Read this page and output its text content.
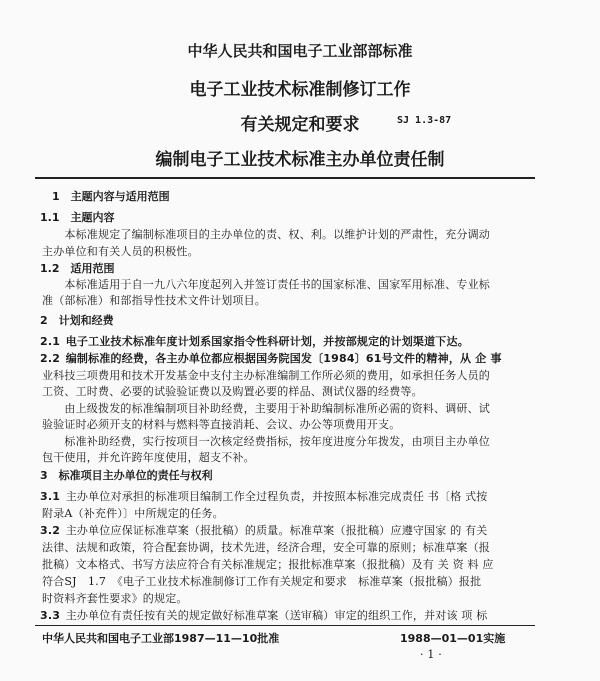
中华人民共和国电子工业部部标准
电子工业技术标准制修订工作
有关规定和要求	SJ 1.3-87
编制电子工业技术标准主办单位责任制
1　主题内容与适用范围
1.1　主题内容
　　本标准规定了编制标准项目的主办单位的责、权、利。以维护计划的严肃性，充分调动
主办单位和有关人员的积极性。
1.2　适用范围
　　本标准适用于自一九八六年度起列入并签订责任书的国家标准、国家军用标准、专业标
准（部标准）和部指导性技术文件计划项目。
2　计划和经费
2.1 电子工业技术标准年度计划系国家指令性科研计划，并按部规定的计划渠道下达。
2.2 编制标准的经费，各主办单位都应根据国务院国发〔1984〕61号文件的精神，从 企 事
业科技三项费用和技术开发基金中支付主办标准编制工作所必须的费用，如承担任务人员的
工资、工时费、必要的试验验证费以及购置必要的样品、测试仪器的经费等。
　　由上级拨发的标准编制项目补助经费，主要用于补助编制标准所必需的资料、调研、试
验验证时必须开支的材料与燃料等直接消耗、会议、办公等项费用开支。
　　标准补助经费，实行按项目一次核定经费指标，按年度进度分年拨发，由项目主办单位
包干使用，并允许跨年度使用，超支不补。
3　标准项目主办单位的责任与权利
3.1 主办单位对承担的标准项目编制工作全过程负责，并按照本标准完成责任 书〔格 式按
附录A（补充件）〕中所规定的任务。
3.2 主办单位应保证标准草案（报批稿）的质量。标准草案（报批稿）应遵守国家 的 有关
法律、法规和政策，符合配套协调，技术先进，经济合理，安全可靠的原则；标准草案（报
批稿）文本格式、书写方法应符合有关标准规定；报批标准草案（报批稿）及有 关 资 料 应
符合SJ　1.7　《电子工业技术标准制修订工作有关规定和要求　标准草案（报批稿）报批
时资料齐套性要求》的规定。
3.3 主办单位有责任按有关的规定做好标准草案（送审稿）审定的组织工作，并对该 项 标
中华人民共和国电子工业部1987—11—10批准	1988—01—01实施
· 1 ·
